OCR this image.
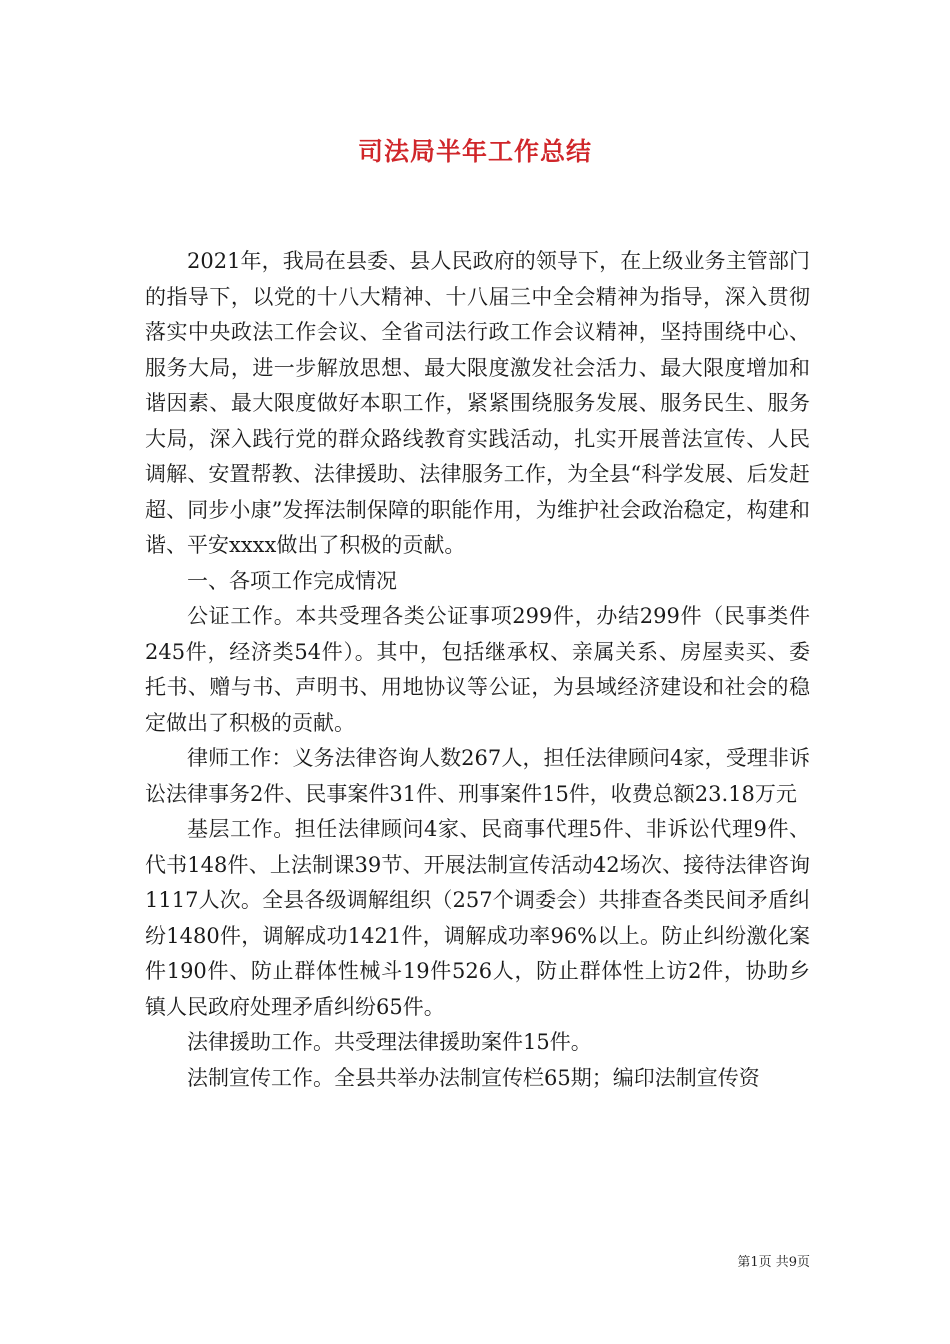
司法局半年工作总结

2021年，我局在县委、县人民政府的领导下，在上级业务主管部门的指导下，以党的十八大精神、十八届三中全会精神为指导，深入贯彻落实中央政法工作会议、全省司法行政工作会议精神，坚持围绕中心、服务大局，进一步解放思想、最大限度激发社会活力、最大限度增加和谐因素、最大限度做好本职工作，紧紧围绕服务发展、服务民生、服务大局，深入践行党的群众路线教育实践活动，扎实开展普法宣传、人民调解、安置帮教、法律援助、法律服务工作，为全县“科学发展、后发赶超、同步小康”发挥法制保障的职能作用，为维护社会政治稳定，构建和谐、平安xxxx做出了积极的贡献。

一、各项工作完成情况

公证工作。本共受理各类公证事项299件，办结299件（民事类件245件，经济类54件）。其中，包括继承权、亲属关系、房屋卖买、委托书、赠与书、声明书、用地协议等公证，为县域经济建设和社会的稳定做出了积极的贡献。

律师工作：义务法律咨询人数267人，担任法律顾问4家，受理非诉讼法律事务2件、民事案件31件、刑事案件15件，收费总额23.18万元

基层工作。担任法律顾问4家、民商事代理5件、非诉讼代理9件、代书148件、上法制课39节、开展法制宣传活动42场次、接待法律咨询1117人次。全县各级调解组织（257个调委会）共排查各类民间矛盾纠纷1480件，调解成功1421件，调解成功率96%以上。防止纠纷激化案件190件、防止群体性械斗19件526人，防止群体性上访2件，协助乡镇人民政府处理矛盾纠纷65件。

法律援助工作。共受理法律援助案件15件。

法制宣传工作。全县共举办法制宣传栏65期；编印法制宣传资

第1页 共9页
